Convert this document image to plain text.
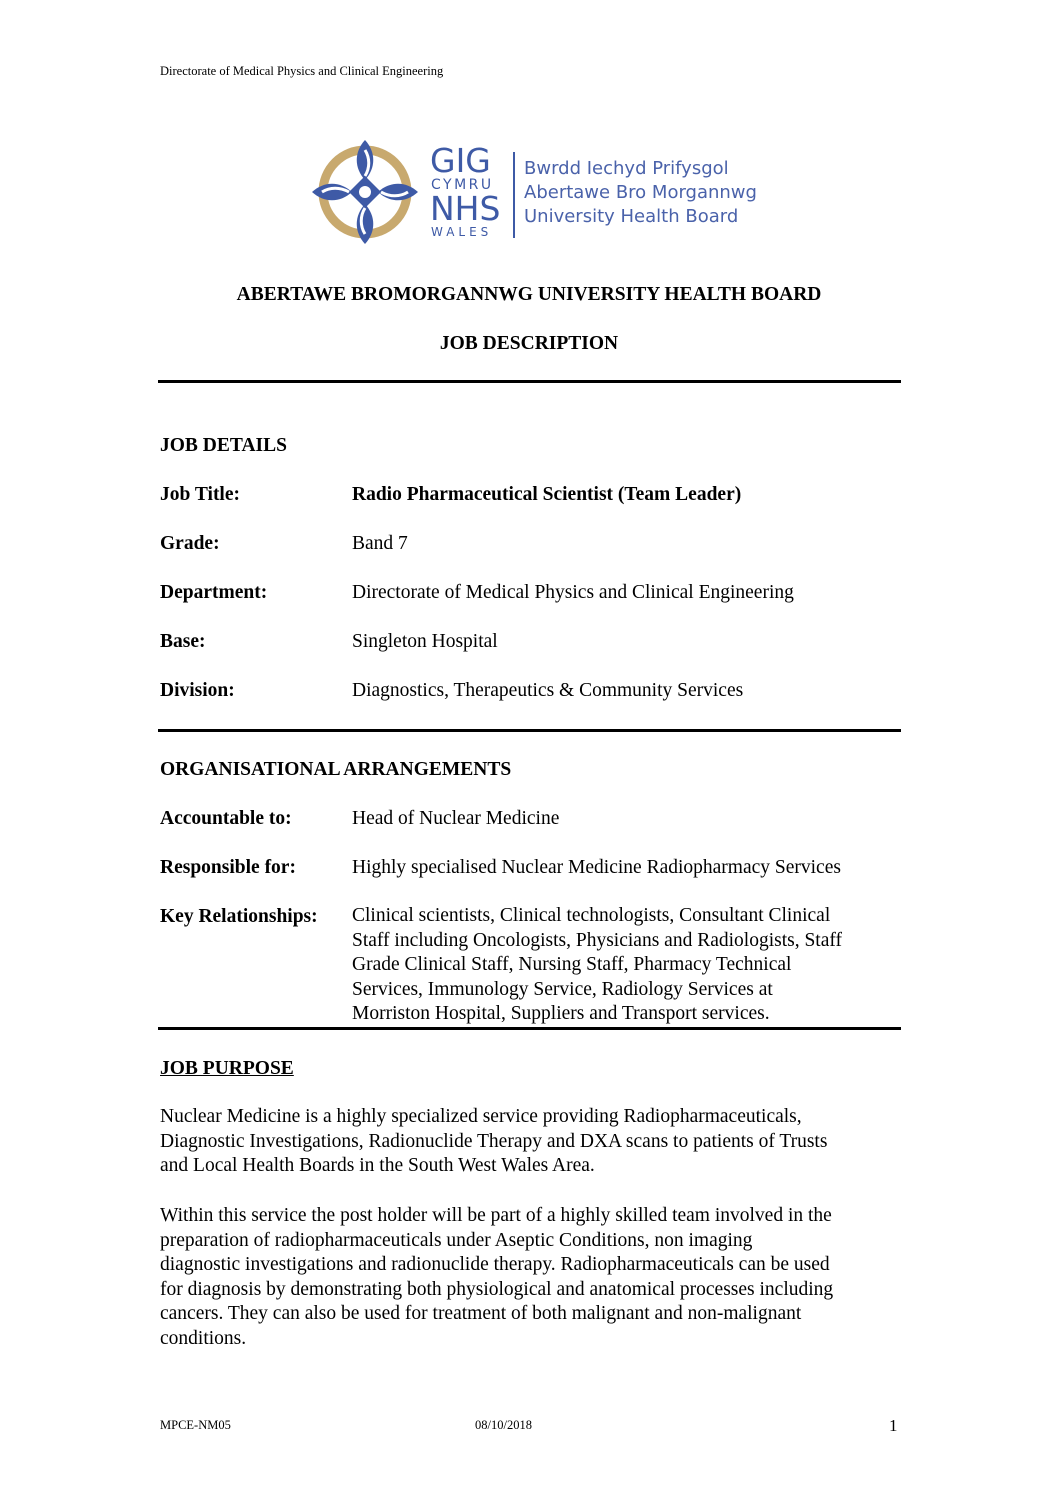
Directorate of Medical Physics and Clinical Engineering
GIG
CYMRU
NHS
WALES
Bwrdd Iechyd Prifysgol
Abertawe Bro Morgannwg
University Health Board
ABERTAWE BROMORGANNWG UNIVERSITY HEALTH BOARD
JOB DESCRIPTION
JOB DETAILS
Job Title:	Radio Pharmaceutical Scientist (Team Leader)
Grade:	Band 7
Department:	Directorate of Medical Physics and Clinical Engineering
Base:	Singleton Hospital
Division:	Diagnostics, Therapeutics & Community Services
ORGANISATIONAL ARRANGEMENTS
Accountable to:	Head of Nuclear Medicine
Responsible for:	Highly specialised Nuclear Medicine Radiopharmacy Services
Key Relationships: Clinical scientists, Clinical technologists, Consultant Clinical
Staff including Oncologists, Physicians and Radiologists, Staff
Grade Clinical Staff, Nursing Staff, Pharmacy Technical
Services, Immunology Service, Radiology Services at
Morriston Hospital, Suppliers and Transport services.
JOB PURPOSE
Nuclear Medicine is a highly specialized service providing Radiopharmaceuticals,
Diagnostic Investigations, Radionuclide Therapy and DXA scans to patients of Trusts
and Local Health Boards in the South West Wales Area.
Within this service the post holder will be part of a highly skilled team involved in the
preparation of radiopharmaceuticals under Aseptic Conditions, non imaging
diagnostic investigations and radionuclide therapy. Radiopharmaceuticals can be used
for diagnosis by demonstrating both physiological and anatomical processes including
cancers. They can also be used for treatment of both malignant and non-malignant
conditions.
MPCE-NM05	08/10/2018	1
